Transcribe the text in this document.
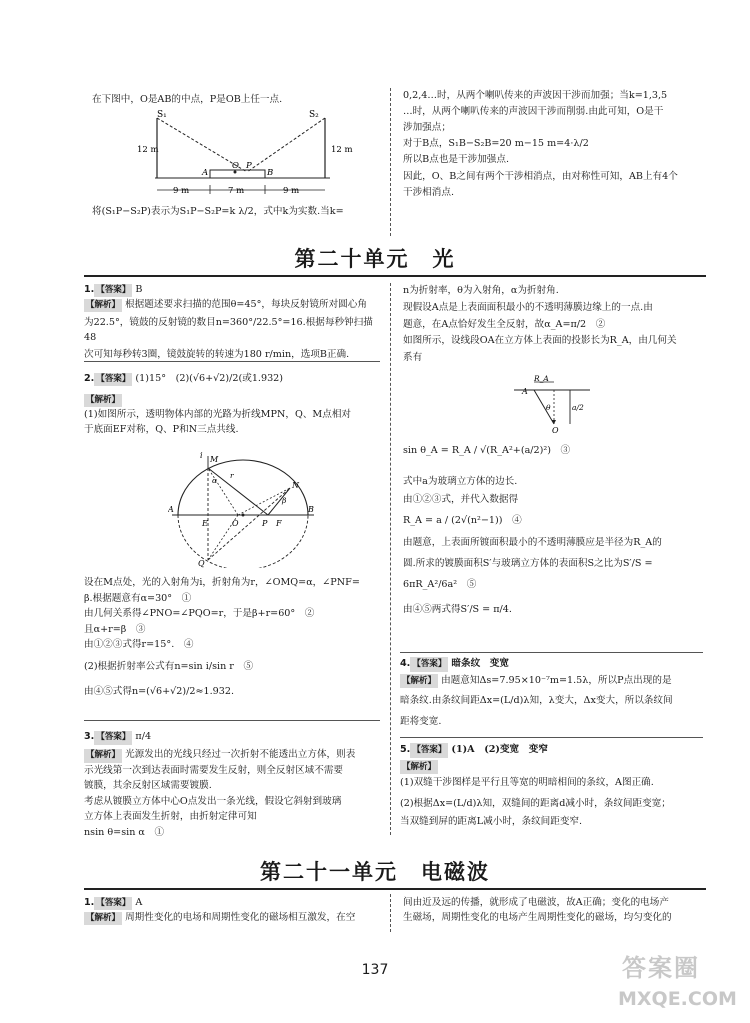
在下图中，O是AB的中点，P是OB上任一点.

S₁	S₂
12 m	12 m
A
O P
B
9 m	7 m	9 m

将(S₁P−S₂P)表示为S₁P−S₂P=k λ/2，式中k为实数.当k=

0,2,4…时，从两个喇叭传来的声波因干涉而加强；当k=1,3,5

…时，从两个喇叭传来的声波因干涉而削弱.由此可知，O是干

涉加强点；

对于B点，S₁B−S₂B=20 m−15 m=4·λ/2

所以B点也是干涉加强点.

因此，O、B之间有两个干涉相消点，由对称性可知，AB上有4个

干涉相消点.

第二十单元　光

1. 【答案】 B

【解析】 根据题述要求扫描的范围θ=45°，每块反射镜所对圆心角

为22.5°，镜鼓的反射镜的数目n=360°/22.5°=16.根据每秒钟扫描48

次可知每秒转3圈，镜鼓旋转的转速为180 r/min，选项B正确.

2. 【答案】 (1)15°　(2)(√6+√2)/2(或1.932)

【解析】

(1)如图所示，透明物体内部的光路为折线MPN，Q、M点相对

于底面EF对称，Q、P和N三点共线.

i M
α
r
β
N
A
E	O	F
P
B
Q

设在M点处，光的入射角为i，折射角为r，∠OMQ=α，∠PNF=

β.根据题意有α=30°　①

由几何关系得∠PNO=∠PQO=r，于是β+r=60°　②

且α+r=β　③

由①②③式得r=15°.　④

(2)根据折射率公式有n=sin i/sin r　⑤

由④⑤式得n=(√6+√2)/2≈1.932.

3. 【答案】 π/4

【解析】 光源发出的光线只经过一次折射不能透出立方体，则表

示光线第一次到达表面时需要发生反射，则全反射区域不需要

镀膜，其余反射区域需要镀膜.

考虑从镀膜立方体中心O点发出一条光线，假设它斜射到玻璃

立方体上表面发生折射，由折射定律可知

nsin θ=sin α　①

n为折射率，θ为入射角，α为折射角.

现假设A点是上表面面积最小的不透明薄膜边缘上的一点.由

题意，在A点恰好发生全反射，故α_A=π/2　②

如图所示，设线段OA在立方体上表面的投影长为R_A，由几何关

系有

R_A
A
θ	a/2
O

sin θ_A = R_A / √(R_A²+(a/2)²)　③

式中a为玻璃立方体的边长.

由①②③式，并代入数据得

R_A = a / (2√(n²−1))　④

由题意，上表面所镀面积最小的不透明薄膜应是半径为R_A的

圆.所求的镀膜面积S′与玻璃立方体的表面积S之比为S′/S =

6πR_A²/6a²　⑤

由④⑤两式得S′/S = π/4.

4. 【答案】 暗条纹　变宽

【解析】 由题意知Δs=7.95×10⁻⁷m=1.5λ，所以P点出现的是

暗条纹.由条纹间距Δx=(L/d)λ知，λ变大，Δx变大，所以条纹间

距将变宽.

5. 【答案】 (1)A　(2)变宽　变窄

【解析】

(1)双缝干涉图样是平行且等宽的明暗相间的条纹，A图正确.

(2)根据Δx=(L/d)λ知，双缝间的距离d减小时，条纹间距变宽；

当双缝到屏的距离L减小时，条纹间距变窄.

第二十一单元　电磁波

1. 【答案】 A

【解析】 周期性变化的电场和周期性变化的磁场相互激发，在空

间由近及远的传播，就形成了电磁波，故A正确；变化的电场产

生磁场，周期性变化的电场产生周期性变化的磁场，均匀变化的

137	答案圈
MXQE.COM
